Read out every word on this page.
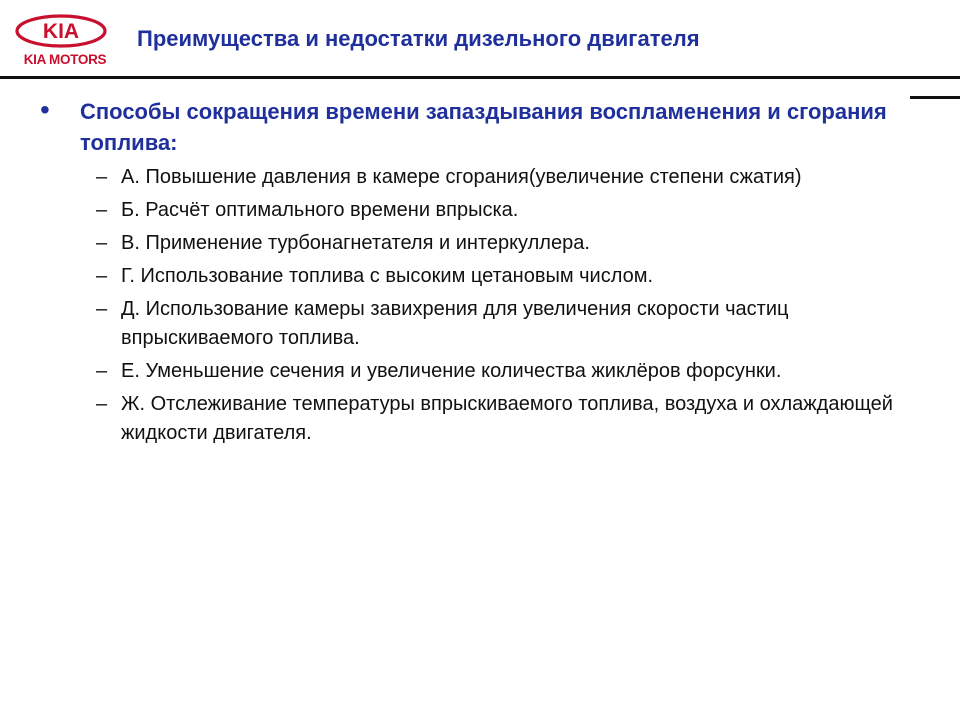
KIA
KIA MOTORS
Преимущества и недостатки дизельного двигателя
• Способы сокращения времени запаздывания воспламенения и сгорания топлива:
– А. Повышение давления в камере сгорания(увеличение степени сжатия)
– Б. Расчёт оптимального времени впрыска.
– В. Применение турбонагнетателя и интеркуллера.
– Г. Использование топлива с высоким цетановым числом.
– Д. Использование камеры завихрения для увеличения скорости частиц впрыскиваемого топлива.
– Е. Уменьшение сечения и увеличение количества жиклёров форсунки.
– Ж. Отслеживание температуры впрыскиваемого топлива, воздуха и охлаждающей жидкости двигателя.
